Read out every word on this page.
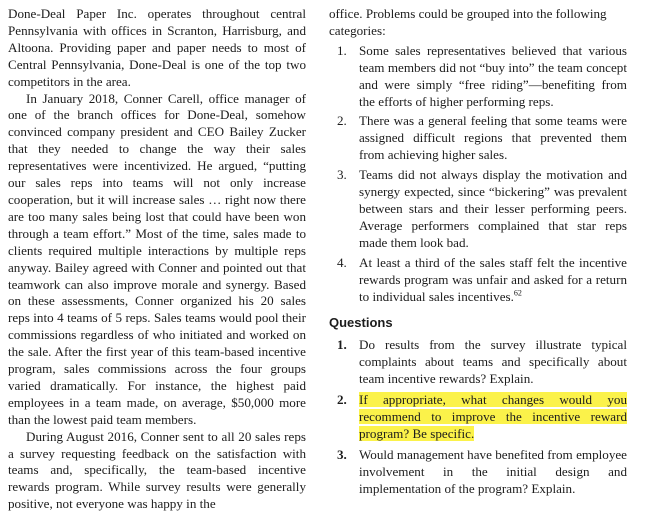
Done-Deal Paper Inc. operates throughout central Pennsylvania with offices in Scranton, Harrisburg, and Altoona. Providing paper and paper needs to most of Central Pennsylvania, Done-Deal is one of the top two competitors in the area.

In January 2018, Conner Carell, office manager of one of the branch offices for Done-Deal, somehow convinced company president and CEO Bailey Zucker that they needed to change the way their sales representatives were incentivized. He argued, “putting our sales reps into teams will not only increase cooperation, but it will increase sales … right now there are too many sales being lost that could have been won through a team effort.” Most of the time, sales made to clients required multiple interactions by multiple reps anyway. Bailey agreed with Conner and pointed out that teamwork can also improve morale and synergy. Based on these assessments, Conner organized his 20 sales reps into 4 teams of 5 reps. Sales teams would pool their commissions regardless of who initiated and worked on the sale. After the first year of this team-based incentive program, sales commissions across the four groups varied dramatically. For instance, the highest paid employees in a team made, on average, $50,000 more than the lowest paid team members.

During August 2016, Conner sent to all 20 sales reps a survey requesting feedback on the satisfaction with teams and, specifically, the team-based incentive rewards program. While survey results were generally positive, not everyone was happy in the

office. Problems could be grouped into the following categories:

1. Some sales representatives believed that various team members did not “buy into” the team concept and were simply “free riding”—benefiting from the efforts of higher performing reps.
2. There was a general feeling that some teams were assigned difficult regions that prevented them from achieving higher sales.
3. Teams did not always display the motivation and synergy expected, since “bickering” was prevalent between stars and their lesser performing peers. Average performers complained that star reps made them look bad.
4. At least a third of the sales staff felt the incentive rewards program was unfair and asked for a return to individual sales incentives.$^{62}$
Questions
1. Do results from the survey illustrate typical complaints about teams and specifically about team incentive rewards? Explain.
2. If appropriate, what changes would you recommend to improve the incentive reward program? Be specific.
3. Would management have benefited from employee involvement in the initial design and implementation of the program? Explain.
